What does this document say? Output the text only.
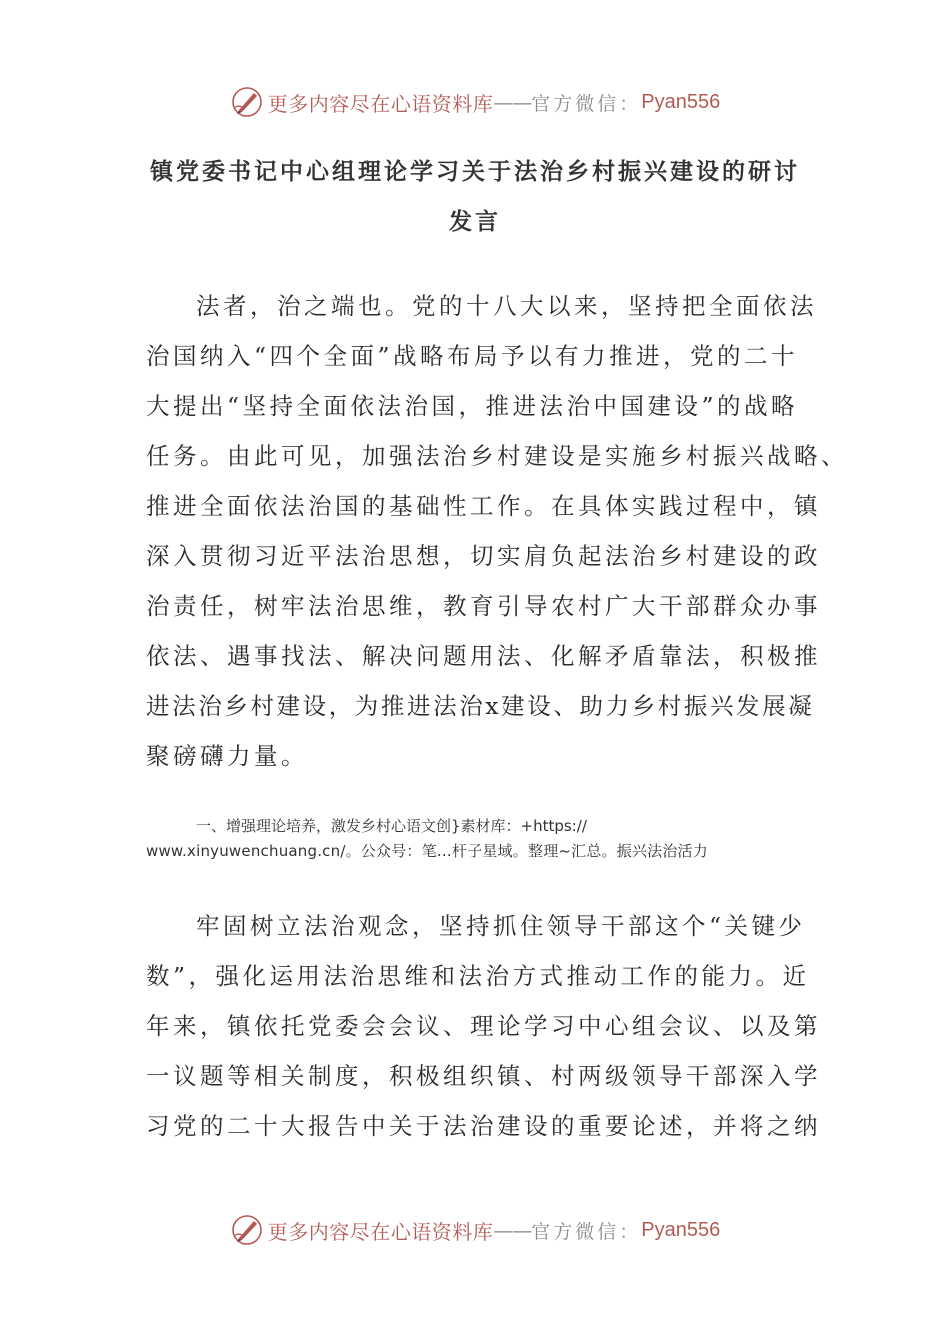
更多内容尽在心语资料库 — — 官方微信： Pyan556
镇党委书记中心组理论学习关于法治乡村振兴建设的研讨
发言
法者，治之端也。党的十八大以来，坚持把全面依法
治国纳入“四个全面”战略布局予以有力推进，党的二十
大提出“坚持全面依法治国，推进法治中国建设”的战略
任务。由此可见，加强法治乡村建设是实施乡村振兴战略、
推进全面依法治国的基础性工作。在具体实践过程中，镇
深入贯彻习近平法治思想，切实肩负起法治乡村建设的政
治责任，树牢法治思维，教育引导农村广大干部群众办事
依法、遇事找法、解决问题用法、化解矛盾靠法，积极推
进法治乡村建设，为推进法治x建设、助力乡村振兴发展凝
聚磅礴力量。
一、增强理论培养，激发乡村心语文创}素材库：+https://
www.xinyuwenchuang.cn/。公众号：笔…杆子星域。整理~汇总。振兴法治活力
牢固树立法治观念，坚持抓住领导干部这个“关键少
数”，强化运用法治思维和法治方式推动工作的能力。近
年来，镇依托党委会会议、理论学习中心组会议、以及第
一议题等相关制度，积极组织镇、村两级领导干部深入学
习党的二十大报告中关于法治建设的重要论述，并将之纳
更多内容尽在心语资料库 — — 官方微信： Pyan556
